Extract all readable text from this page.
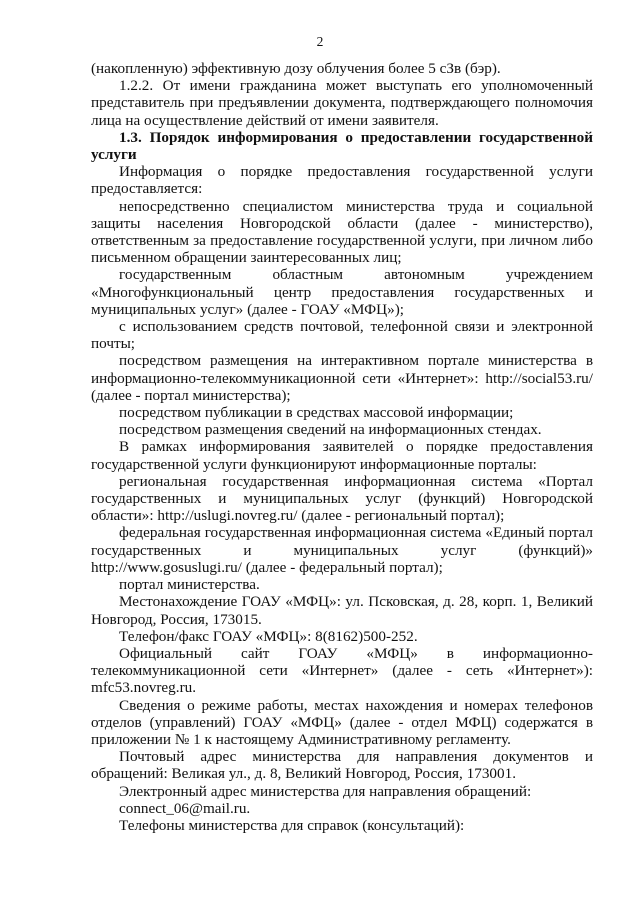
2

(накопленную) эффективную дозу облучения более 5 сЗв (бэр).

1.2.2. От имени гражданина может выступать его уполномоченный представитель при предъявлении документа, подтверждающего полномочия лица на осуществление действий от имени заявителя.

1.3. Порядок информирования о предоставлении государственной услуги

Информация о порядке предоставления государственной услуги предоставляется:

непосредственно специалистом министерства труда и социальной защиты населения Новгородской области (далее - министерство), ответственным за предоставление государственной услуги, при личном либо письменном обращении заинтересованных лиц;

государственным областным автономным учреждением «Многофункциональный центр предоставления государственных и муниципальных услуг» (далее - ГОАУ «МФЦ»);

с использованием средств почтовой, телефонной связи и электронной почты;

посредством размещения на интерактивном портале министерства в информационно-телекоммуникационной сети «Интернет»: http://social53.ru/ (далее - портал министерства);

посредством публикации в средствах массовой информации;

посредством размещения сведений на информационных стендах.

В рамках информирования заявителей о порядке предоставления государственной услуги функционируют информационные порталы:

региональная государственная информационная система «Портал государственных и муниципальных услуг (функций) Новгородской области»: http://uslugi.novreg.ru/ (далее - региональный портал);

федеральная государственная информационная система «Единый портал государственных и муниципальных услуг (функций)» http://www.gosuslugi.ru/ (далее - федеральный портал);

портал министерства.

Местонахождение ГОАУ «МФЦ»: ул. Псковская, д. 28, корп. 1, Великий Новгород, Россия, 173015.

Телефон/факс ГОАУ «МФЦ»: 8(8162)500-252.

Официальный сайт ГОАУ «МФЦ» в информационно-телекоммуникационной сети «Интернет» (далее - сеть «Интернет»): mfc53.novreg.ru.

Сведения о режиме работы, местах нахождения и номерах телефонов отделов (управлений) ГОАУ «МФЦ» (далее - отдел МФЦ) содержатся в приложении № 1 к настоящему Административному регламенту.

Почтовый адрес министерства для направления документов и обращений: Великая ул., д. 8, Великий Новгород, Россия, 173001.

Электронный адрес министерства для направления обращений:

connect_06@mail.ru.

Телефоны министерства для справок (консультаций):
